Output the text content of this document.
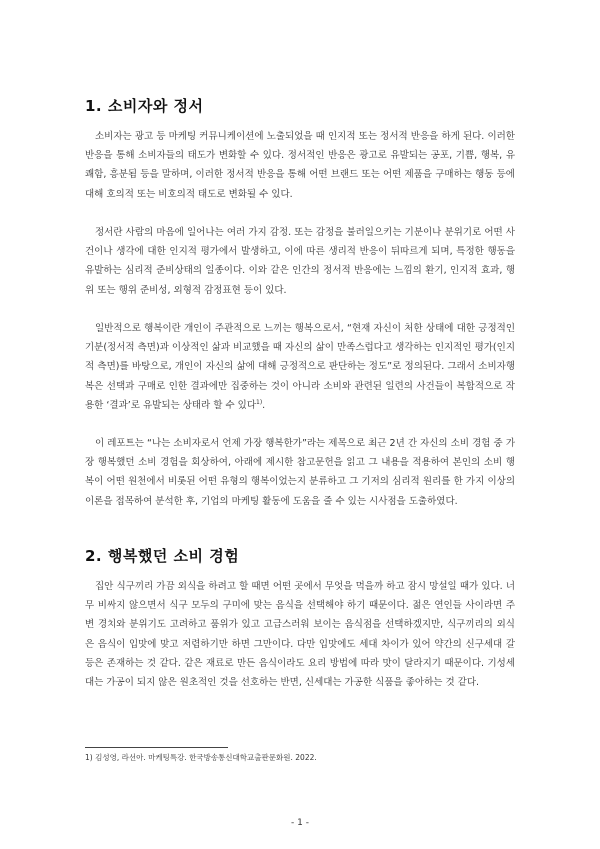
1. 소비자와 정서

소비자는 광고 등 마케팅 커뮤니케이션에 노출되었을 때 인지적 또는 정서적 반응을 하게 된다. 이러한 반응을 통해 소비자들의 태도가 변화할 수 있다. 정서적인 반응은 광고로 유발되는 공포, 기쁨, 행복, 유쾌함, 흥분됨 등을 말하며, 이러한 정서적 반응을 통해 어떤 브랜드 또는 어떤 제품을 구매하는 행동 등에 대해 호의적 또는 비호의적 태도로 변화될 수 있다.

정서란 사람의 마음에 일어나는 여러 가지 감정. 또는 감정을 불러일으키는 기분이나 분위기로 어떤 사건이나 생각에 대한 인지적 평가에서 발생하고, 이에 따른 생리적 반응이 뒤따르게 되며, 특정한 행동을 유발하는 심리적 준비상태의 일종이다. 이와 같은 인간의 정서적 반응에는 느낌의 환기, 인지적 효과, 행위 또는 행위 준비성, 외형적 감정표현 등이 있다.

일반적으로 행복이란 개인이 주관적으로 느끼는 행복으로서, “현재 자신이 처한 상태에 대한 긍정적인 기분(정서적 측면)과 이상적인 삶과 비교했을 때 자신의 삶이 만족스럽다고 생각하는 인지적인 평가(인지적 측면)를 바탕으로, 개인이 자신의 삶에 대해 긍정적으로 판단하는 정도”로 정의된다. 그래서 소비자행복은 선택과 구매로 인한 결과에만 집중하는 것이 아니라 소비와 관련된 일련의 사건들이 복합적으로 작용한 ‘결과’로 유발되는 상태라 할 수 있다$^{1)}$.

이 레포트는 “나는 소비자로서 언제 가장 행복한가”라는 제목으로 최근 2년 간 자신의 소비 경험 중 가장 행복했던 소비 경험을 회상하여, 아래에 제시한 참고문헌을 읽고 그 내용을 적용하여 본인의 소비 행복이 어떤 원천에서 비롯된 어떤 유형의 행복이었는지 분류하고 그 기저의 심리적 원리를 한 가지 이상의 이론을 접목하여 분석한 후, 기업의 마케팅 활동에 도움을 줄 수 있는 시사점을 도출하였다.

2. 행복했던 소비 경험

집안 식구끼리 가끔 외식을 하려고 할 때면 어떤 곳에서 무엇을 먹을까 하고 잠시 망설일 때가 있다. 너무 비싸지 않으면서 식구 모두의 구미에 맞는 음식을 선택해야 하기 때문이다. 젊은 연인들 사이라면 주변 경치와 분위기도 고려하고 품위가 있고 고급스러워 보이는 음식점을 선택하겠지만, 식구끼리의 외식은 음식이 입맛에 맞고 저렴하기만 하면 그만이다. 다만 입맛에도 세대 차이가 있어 약간의 신구세대 갈등은 존재하는 것 같다. 같은 재료로 만든 음식이라도 요리 방법에 따라 맛이 달라지기 때문이다. 기성세대는 가공이 되지 않은 원초적인 것을 선호하는 반면, 신세대는 가공한 식품을 좋아하는 것 같다.

1) 김성영, 라선아. 마케팅특강. 한국방송통신대학교출판문화원. 2022.

- 1 -
